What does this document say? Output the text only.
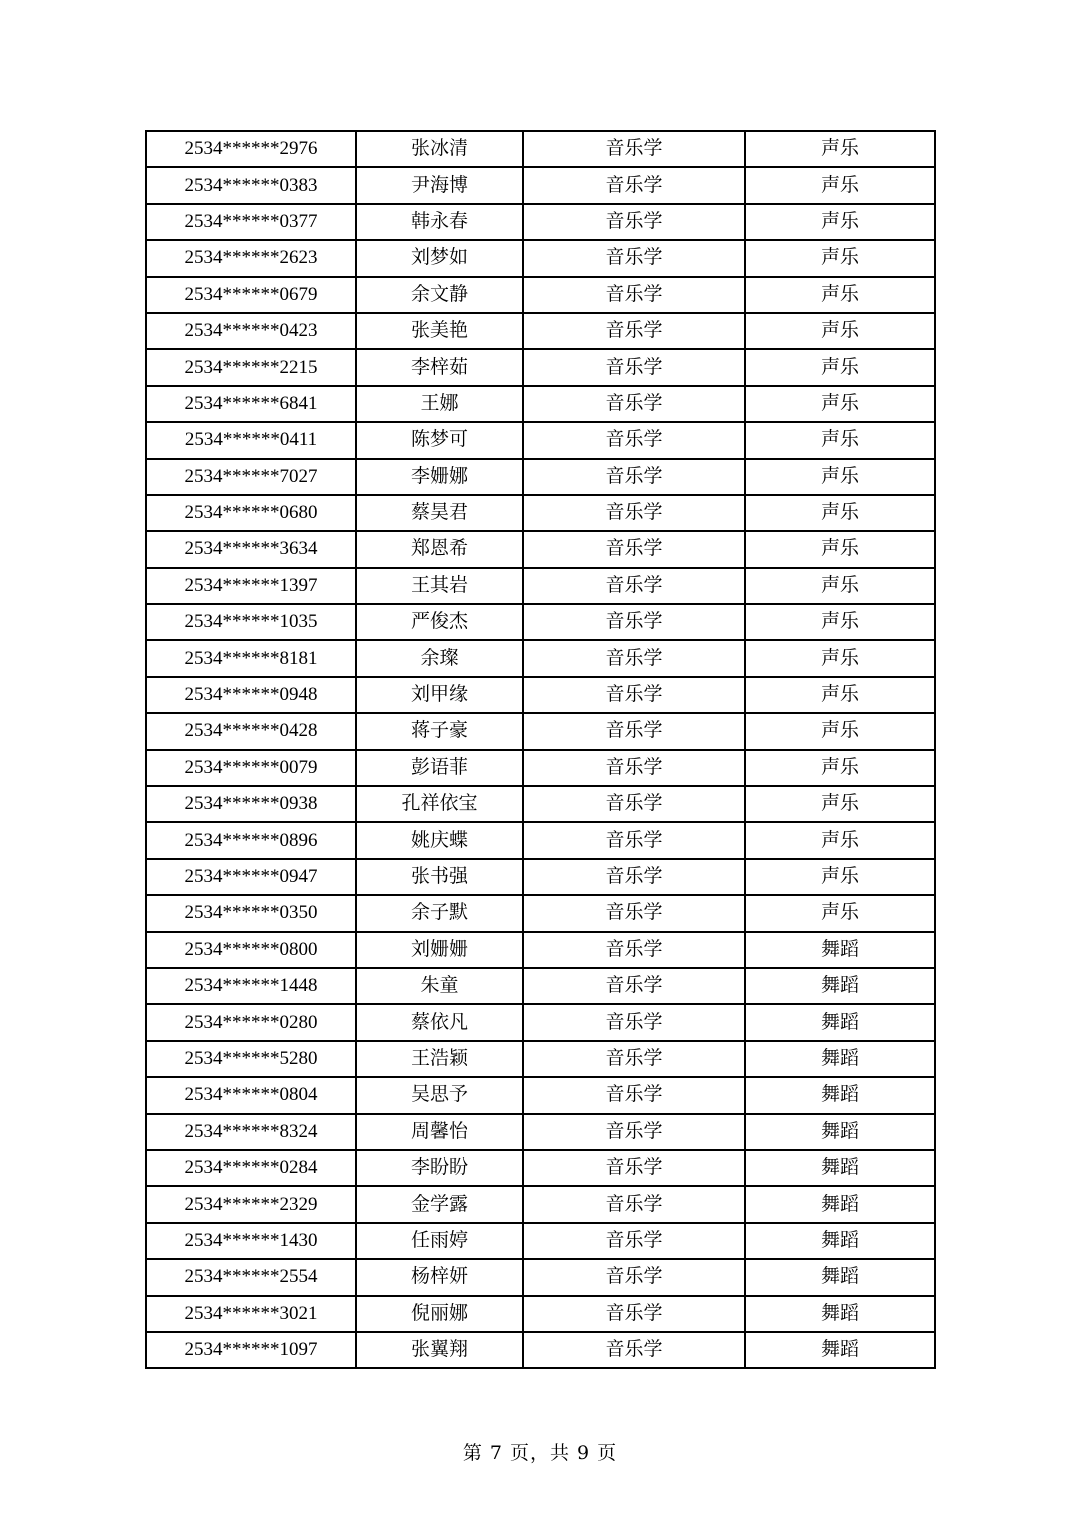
2534******2976	张冰清	音乐学	声乐
2534******0383	尹海博	音乐学	声乐
2534******0377	韩永春	音乐学	声乐
2534******2623	刘梦如	音乐学	声乐
2534******0679	余文静	音乐学	声乐
2534******0423	张美艳	音乐学	声乐
2534******2215	李梓茹	音乐学	声乐
2534******6841	王娜	音乐学	声乐
2534******0411	陈梦可	音乐学	声乐
2534******7027	李姗娜	音乐学	声乐
2534******0680	蔡昊君	音乐学	声乐
2534******3634	郑恩希	音乐学	声乐
2534******1397	王其岩	音乐学	声乐
2534******1035	严俊杰	音乐学	声乐
2534******8181	余璨	音乐学	声乐
2534******0948	刘甲缘	音乐学	声乐
2534******0428	蒋子豪	音乐学	声乐
2534******0079	彭语菲	音乐学	声乐
2534******0938	孔祥依宝	音乐学	声乐
2534******0896	姚庆蝶	音乐学	声乐
2534******0947	张书强	音乐学	声乐
2534******0350	余子默	音乐学	声乐
2534******0800	刘姗姗	音乐学	舞蹈
2534******1448	朱童	音乐学	舞蹈
2534******0280	蔡依凡	音乐学	舞蹈
2534******5280	王浩颖	音乐学	舞蹈
2534******0804	吴思予	音乐学	舞蹈
2534******8324	周馨怡	音乐学	舞蹈
2534******0284	李盼盼	音乐学	舞蹈
2534******2329	金学露	音乐学	舞蹈
2534******1430	任雨婷	音乐学	舞蹈
2534******2554	杨梓妍	音乐学	舞蹈
2534******3021	倪丽娜	音乐学	舞蹈
2534******1097	张翼翔	音乐学	舞蹈
第 7 页，共 9 页
